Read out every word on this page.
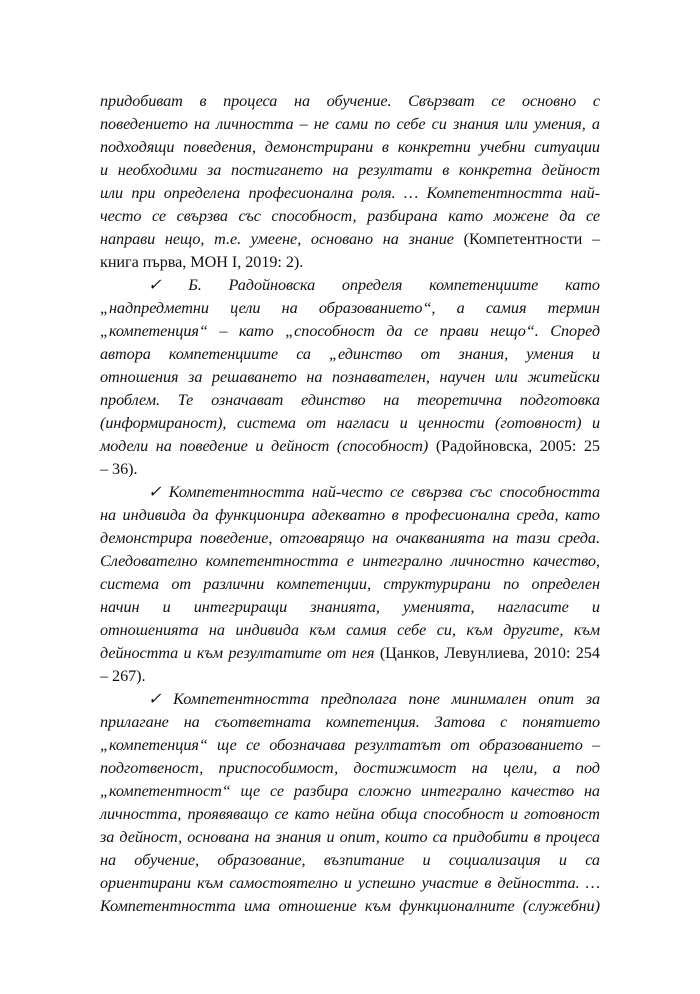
придобиват в процеса на обучение. Свързват се основно с
поведението на личността – не сами по себе си знания или умения, а
подходящи поведения, демонстрирани в конкретни учебни ситуации
и необходими за постигането на резултати в конкретна дейност
или при определена професионална роля. … Компетентността най-
често се свързва със способност, разбирана като можене да се
направи нещо, т.е. умеене, основано на знание (Компетентности –
книга първа, МОН I, 2019: 2).
✓ Б. Радойновска определя компетенциите като
„надпредметни цели на образованието“, а самия термин
„компетенция“ – като „способност да се прави нещо“. Според
автора компетенциите са „единство от знания, умения и
отношения за решаването на познавателен, научен или житейски
проблем. Те означават единство на теоретична подготовка
(информираност), система от нагласи и ценности (готовност) и
модели на поведение и дейност (способност) (Радойновска, 2005: 25
– 36).
✓ Компетентността най-често се свързва със способността
на индивида да функционира адекватно в професионална среда, като
демонстрира поведение, отговарящо на очакванията на тази среда.
Следователно компетентността е интегрално личностно качество,
система от различни компетенции, структурирани по определен
начин и интегриращи знанията, уменията, нагласите и
отношенията на индивида към самия себе си, към другите, към
дейността и към резултатите от нея (Цанков, Левунлиева, 2010: 254
– 267).
✓ Компетентността предполага поне минимален опит за
прилагане на съответната компетенция. Затова с понятието
„компетенция“ ще се обозначава резултатът от образованието –
подготвеност, приспособимост, достижимост на цели, а под
„компетентност“ ще се разбира сложно интегрално качество на
личността, проявяващо се като нейна обща способност и готовност
за дейност, основана на знания и опит, които са придобити в процеса
на обучение, образование, възпитание и социализация и са
ориентирани към самостоятелно и успешно участие в дейността. …
Компетентността има отношение към функционалните (служебни)
